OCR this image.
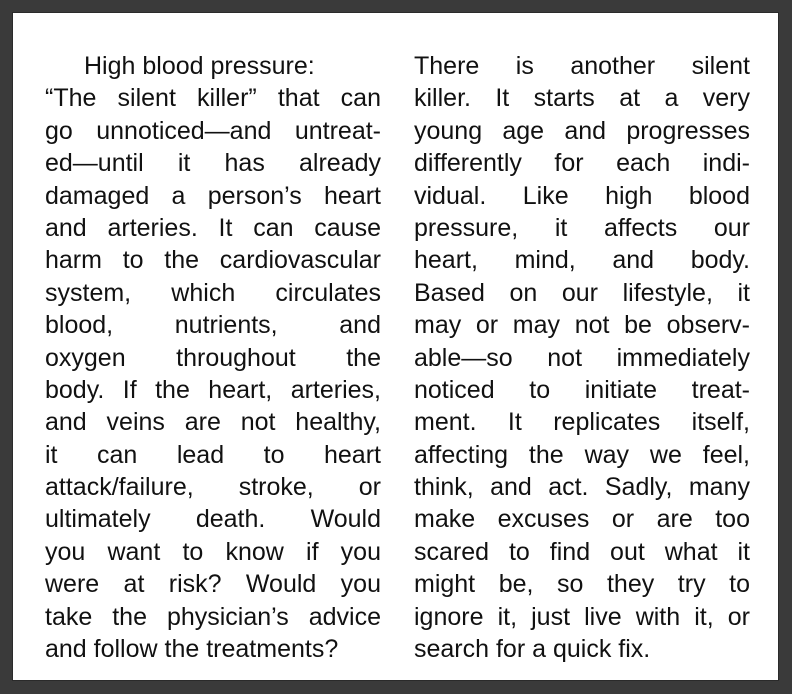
High blood pressure:
“The silent killer” that can
go unnoticed—and untreat-
ed—until it has already
damaged a person’s heart
and arteries. It can cause
harm to the cardiovascular
system, which circulates
blood, nutrients, and
oxygen throughout the
body. If the heart, arteries,
and veins are not healthy,
it can lead to heart
attack/failure, stroke, or
ultimately death. Would
you want to know if you
were at risk? Would you
take the physician’s advice
and follow the treatments?
There is another silent
killer. It starts at a very
young age and progresses
differently for each indi-
vidual. Like high blood
pressure, it affects our
heart, mind, and body.
Based on our lifestyle, it
may or may not be observ-
able—so not immediately
noticed to initiate treat-
ment. It replicates itself,
affecting the way we feel,
think, and act. Sadly, many
make excuses or are too
scared to find out what it
might be, so they try to
ignore it, just live with it, or
search for a quick fix.
